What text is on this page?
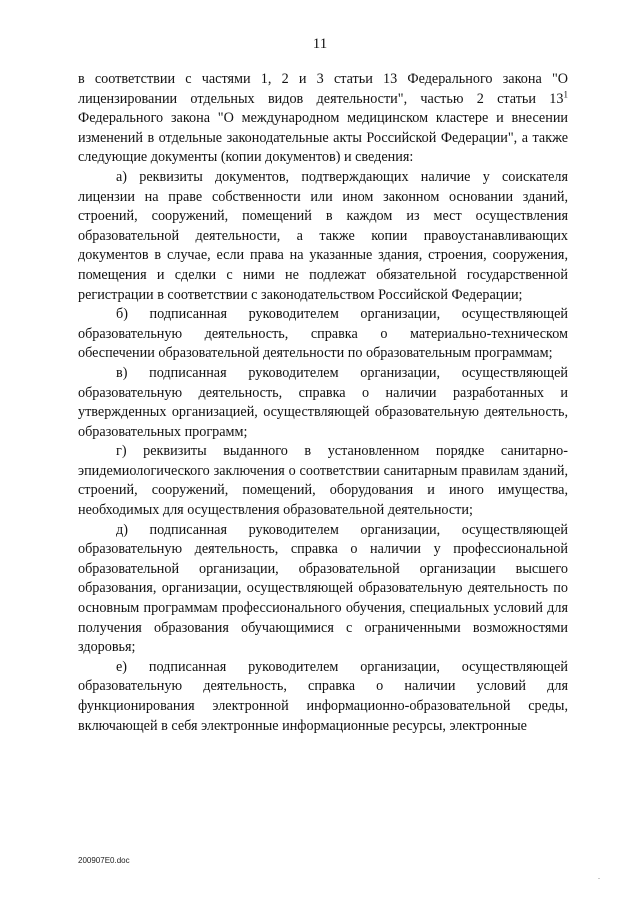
11

в соответствии с частями 1, 2 и 3 статьи 13 Федерального закона "О лицензировании отдельных видов деятельности", частью 2 статьи $13^1$ Федерального закона "О международном медицинском кластере и внесении изменений в отдельные законодательные акты Российской Федерации", а также следующие документы (копии документов) и сведения:

а) реквизиты документов, подтверждающих наличие у соискателя лицензии на праве собственности или ином законном основании зданий, строений, сооружений, помещений в каждом из мест осуществления образовательной деятельности, а также копии правоустанавливающих документов в случае, если права на указанные здания, строения, сооружения, помещения и сделки с ними не подлежат обязательной государственной регистрации в соответствии с законодательством Российской Федерации;

б) подписанная руководителем организации, осуществляющей образовательную деятельность, справка о материально-техническом обеспечении образовательной деятельности по образовательным программам;

в) подписанная руководителем организации, осуществляющей образовательную деятельность, справка о наличии разработанных и утвержденных организацией, осуществляющей образовательную деятельность, образовательных программ;

г) реквизиты выданного в установленном порядке санитарно-эпидемиологического заключения о соответствии санитарным правилам зданий, строений, сооружений, помещений, оборудования и иного имущества, необходимых для осуществления образовательной деятельности;

д) подписанная руководителем организации, осуществляющей образовательную деятельность, справка о наличии у профессиональной образовательной организации, образовательной организации высшего образования, организации, осуществляющей образовательную деятельность по основным программам профессионального обучения, специальных условий для получения образования обучающимися с ограниченными возможностями здоровья;

е) подписанная руководителем организации, осуществляющей образовательную деятельность, справка о наличии условий для функционирования электронной информационно-образовательной среды, включающей в себя электронные информационные ресурсы, электронные

200907E0.doc
.
